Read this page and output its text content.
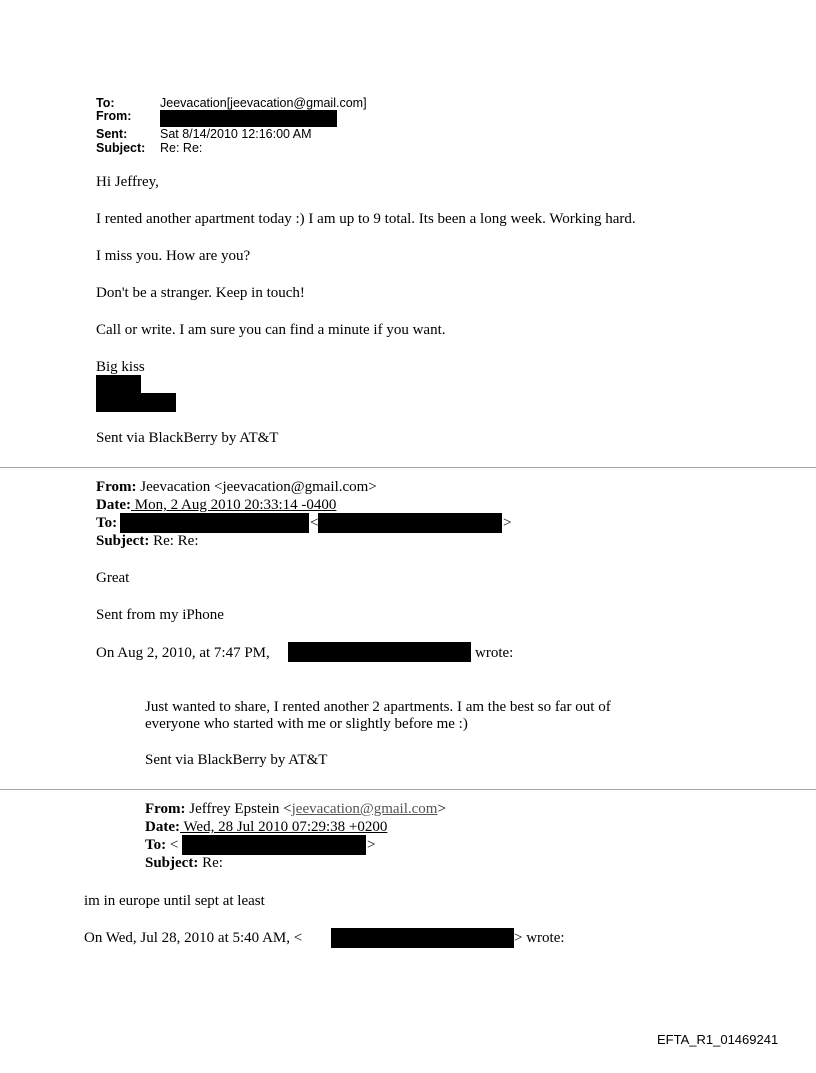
To:	Jeevacation[jeevacation@gmail.com]
From:
Sent:	Sat 8/14/2010 12:16:00 AM
Subject: Re: Re:
Hi Jeffrey,
I rented another apartment today :) I am up to 9 total. Its been a long week. Working hard.
I miss you. How are you?
Don't be a stranger. Keep in touch!
Call or write. I am sure you can find a minute if you want.
Big kiss
Sent via BlackBerry by AT&T
From: Jeevacation <jeevacation@gmail.com>
Date: Mon, 2 Aug 2010 20:33:14 -0400
To:	<	>
Subject: Re: Re:
Great
Sent from my iPhone
On Aug 2, 2010, at 7:47 PM,	wrote:
Just wanted to share, I rented another 2 apartments. I am the best so far out of
everyone who started with me or slightly before me :)
Sent via BlackBerry by AT&T
From: Jeffrey Epstein <jeevacation@gmail.com>
Date: Wed, 28 Jul 2010 07:29:38 +0200
To: <	>
Subject: Re:
im in europe until sept at least
On Wed, Jul 28, 2010 at 5:40 AM, <	> wrote:
EFTA_R1_01469241
